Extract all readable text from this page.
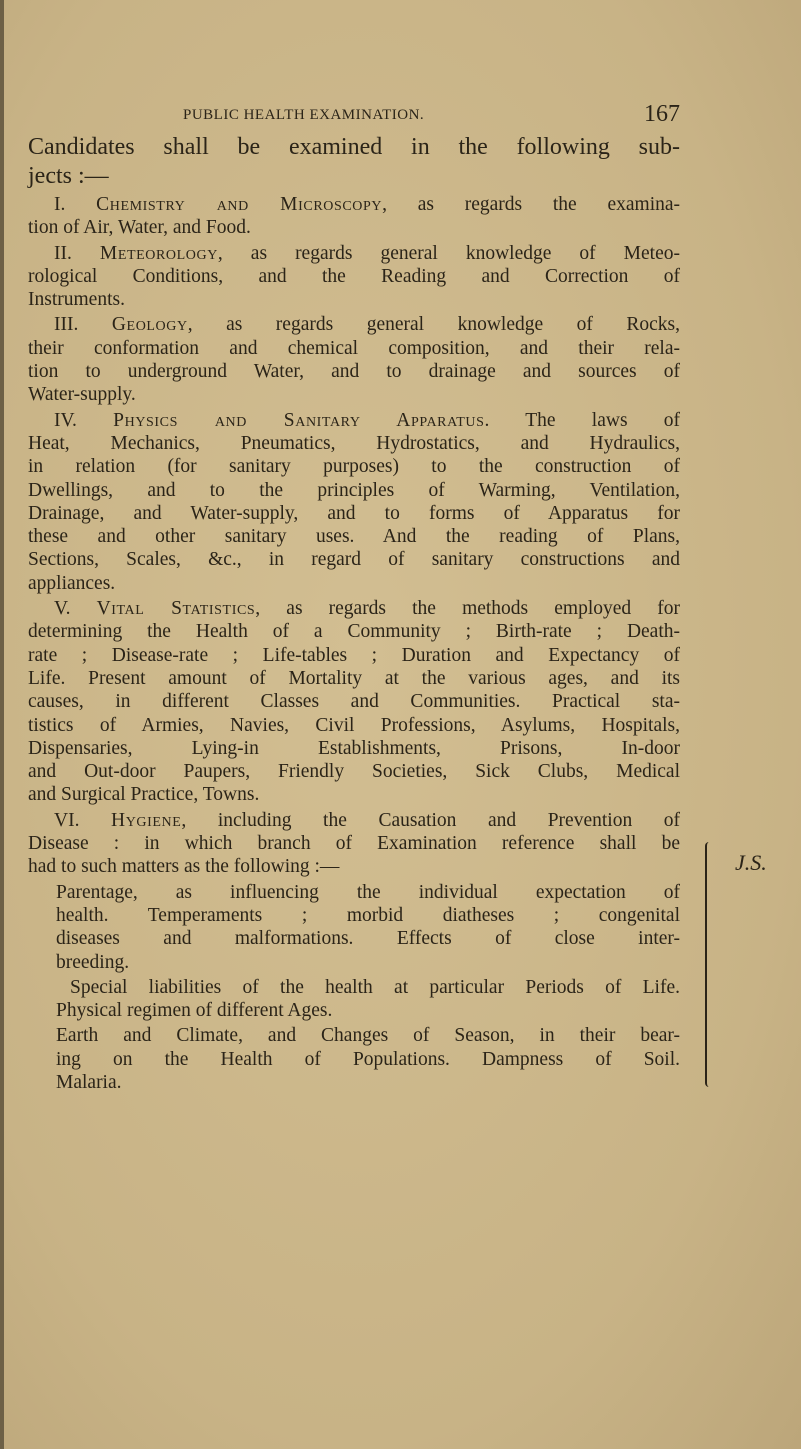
PUBLIC HEALTH EXAMINATION.	167
Candidates shall be examined in the following sub-
jects :—
I. Chemistry and Microscopy, as regards the examina-
tion of Air, Water, and Food.
II. Meteorology, as regards general knowledge of Meteo-
rological Conditions, and the Reading and Correction of
Instruments.
III. Geology, as regards general knowledge of Rocks,
their conformation and chemical composition, and their rela-
tion to underground Water, and to drainage and sources of
Water-supply.
IV. Physics and Sanitary Apparatus. The laws of
Heat, Mechanics, Pneumatics, Hydrostatics, and Hydraulics,
in relation (for sanitary purposes) to the construction of
Dwellings, and to the principles of Warming, Ventilation,
Drainage, and Water-supply, and to forms of Apparatus for
these and other sanitary uses. And the reading of Plans,
Sections, Scales, &c., in regard of sanitary constructions and
appliances.
V. Vital Statistics, as regards the methods employed for
determining the Health of a Community ; Birth-rate ; Death-
rate ; Disease-rate ; Life-tables ; Duration and Expectancy of
Life. Present amount of Mortality at the various ages, and its
causes, in different Classes and Communities. Practical sta-
tistics of Armies, Navies, Civil Professions, Asylums, Hospitals,
Dispensaries, Lying-in Establishments, Prisons, In-door
and Out-door Paupers, Friendly Societies, Sick Clubs, Medical
and Surgical Practice, Towns.
VI. Hygiene, including the Causation and Prevention of
Disease : in which branch of Examination reference shall be
had to such matters as the following :—
Parentage, as influencing the individual expectation of
health. Temperaments ; morbid diatheses ; congenital
diseases and malformations. Effects of close inter-
breeding.
Special liabilities of the health at particular Periods of Life.
Physical regimen of different Ages.
Earth and Climate, and Changes of Season, in their bear-
ing on the Health of Populations. Dampness of Soil.
Malaria.
J.S.
